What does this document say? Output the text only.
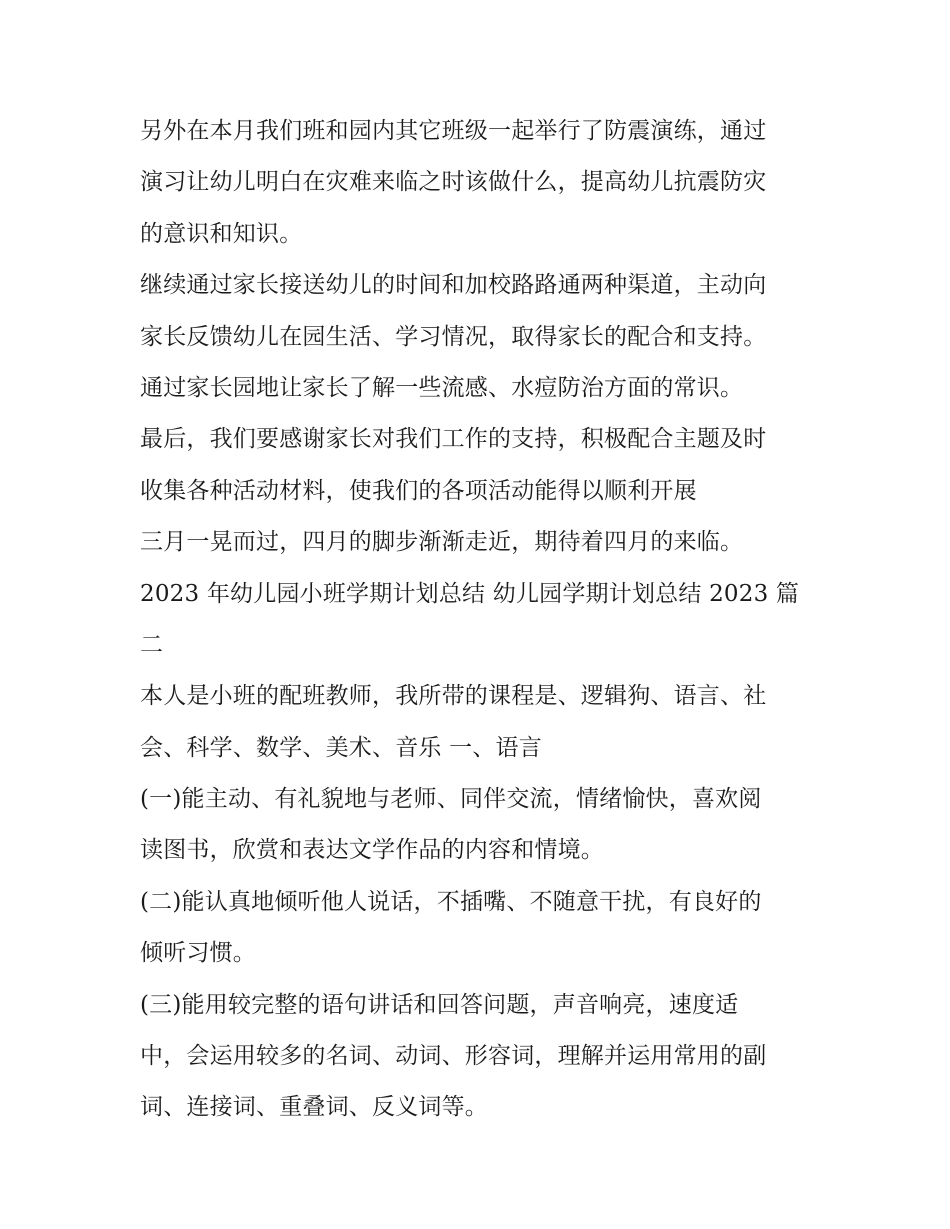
另外在本月我们班和园内其它班级一起举行了防震演练，通过
演习让幼儿明白在灾难来临之时该做什么，提高幼儿抗震防灾
的意识和知识。
继续通过家长接送幼儿的时间和加校路路通两种渠道，主动向
家长反馈幼儿在园生活、学习情况，取得家长的配合和支持。
通过家长园地让家长了解一些流感、水痘防治方面的常识。
最后，我们要感谢家长对我们工作的支持，积极配合主题及时
收集各种活动材料，使我们的各项活动能得以顺利开展
三月一晃而过，四月的脚步渐渐走近，期待着四月的来临。
2023 年幼儿园小班学期计划总结 幼儿园学期计划总结 2023 篇
二
本人是小班的配班教师，我所带的课程是、逻辑狗、语言、社
会、科学、数学、美术、音乐 一、语言
(一)能主动、有礼貌地与老师、同伴交流，情绪愉快，喜欢阅
读图书，欣赏和表达文学作品的内容和情境。
(二)能认真地倾听他人说话，不插嘴、不随意干扰，有良好的
倾听习惯。
(三)能用较完整的语句讲话和回答问题，声音响亮，速度适
中，会运用较多的名词、动词、形容词，理解并运用常用的副
词、连接词、重叠词、反义词等。
